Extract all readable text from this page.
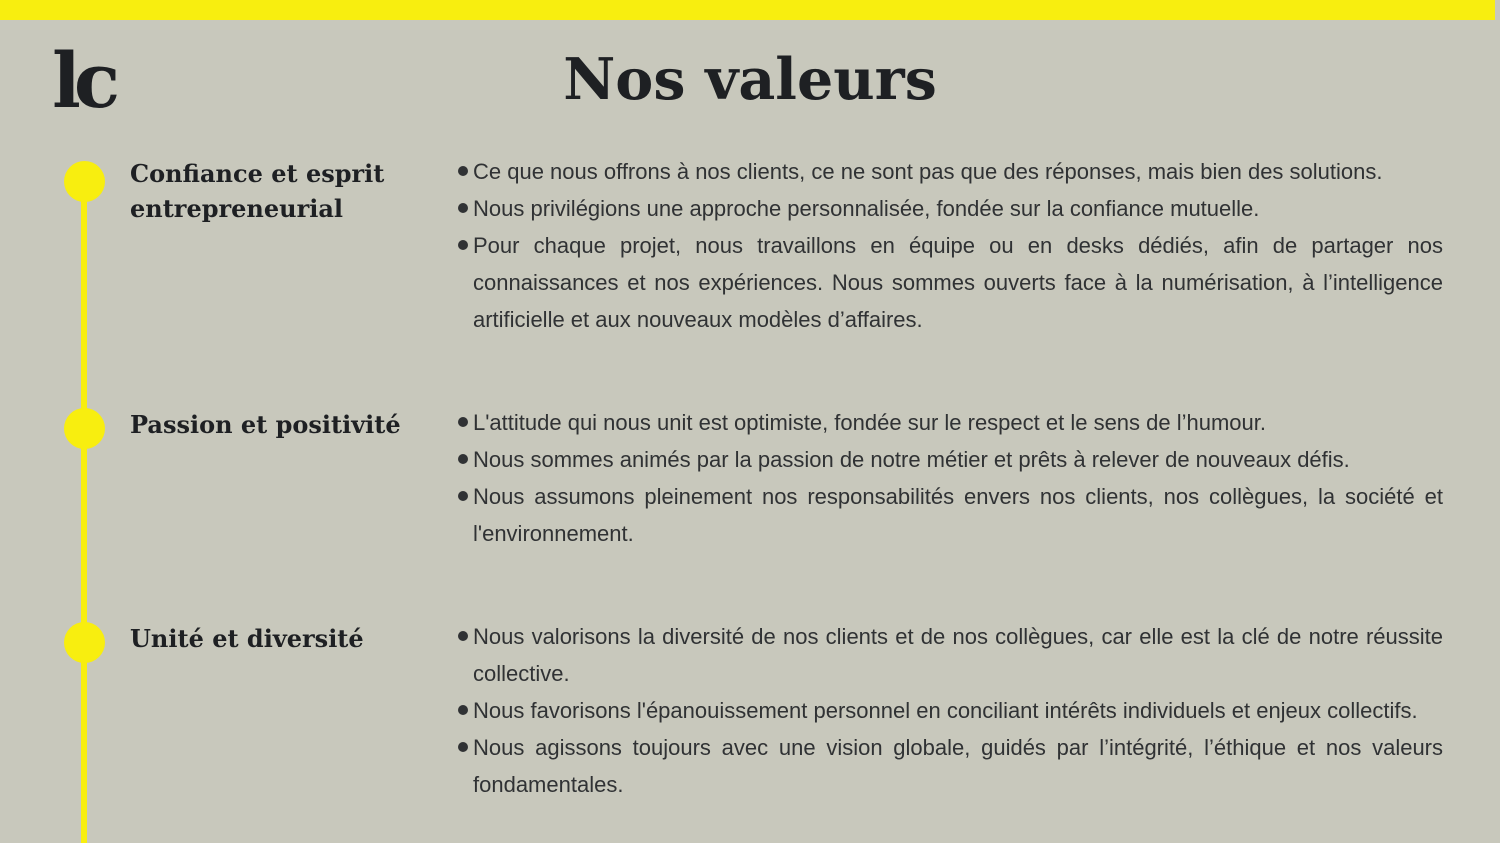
lc	Nos valeurs
Confiance et esprit entrepreneurial
Ce que nous offrons à nos clients, ce ne sont pas que des réponses, mais bien des solutions.
Nous privilégions une approche personnalisée, fondée sur la confiance mutuelle.
Pour chaque projet, nous travaillons en équipe ou en desks dédiés, afin de partager nos connaissances et nos expériences. Nous sommes ouverts face à la numérisation, à l’intelligence artificielle et aux nouveaux modèles d’affaires.
Passion et positivité	L'attitude qui nous unit est optimiste, fondée sur le respect et le sens de l’humour.
Nous sommes animés par la passion de notre métier et prêts à relever de nouveaux défis.
Nous assumons pleinement nos responsabilités envers nos clients, nos collègues, la société et l'environnement.
Unité et diversité	Nous valorisons la diversité de nos clients et de nos collègues, car elle est la clé de notre réussite collective.
Nous favorisons l'épanouissement personnel en conciliant intérêts individuels et enjeux collectifs.
Nous agissons toujours avec une vision globale, guidés par l’intégrité, l’éthique et nos valeurs fondamentales.
